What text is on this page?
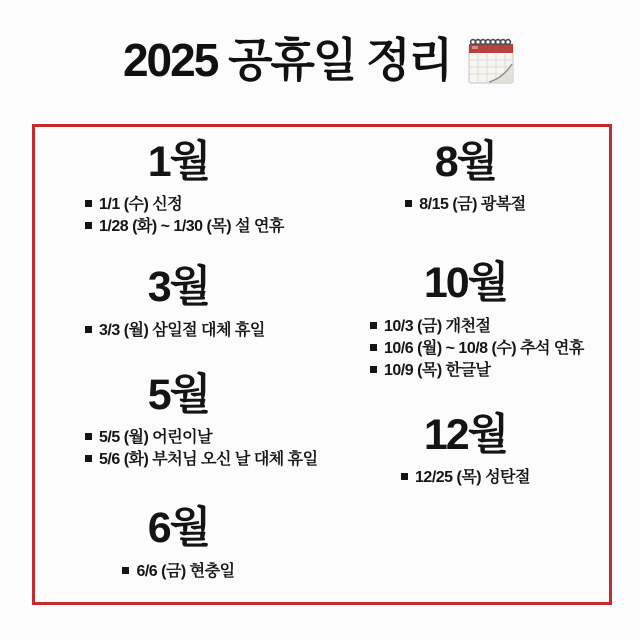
2025 공휴일 정리
1월
1/1 (수) 신정
1/28 (화) ~ 1/30 (목) 설 연휴
3월
3/3 (월) 삼일절 대체 휴일
5월
5/5 (월) 어린이날
5/6 (화) 부처님 오신 날 대체 휴일
6월
6/6 (금) 현충일
8월
8/15 (금) 광복절
10월
10/3 (금) 개천절
10/6 (월) ~ 10/8 (수) 추석 연휴
10/9 (목) 한글날
12월
12/25 (목) 성탄절
